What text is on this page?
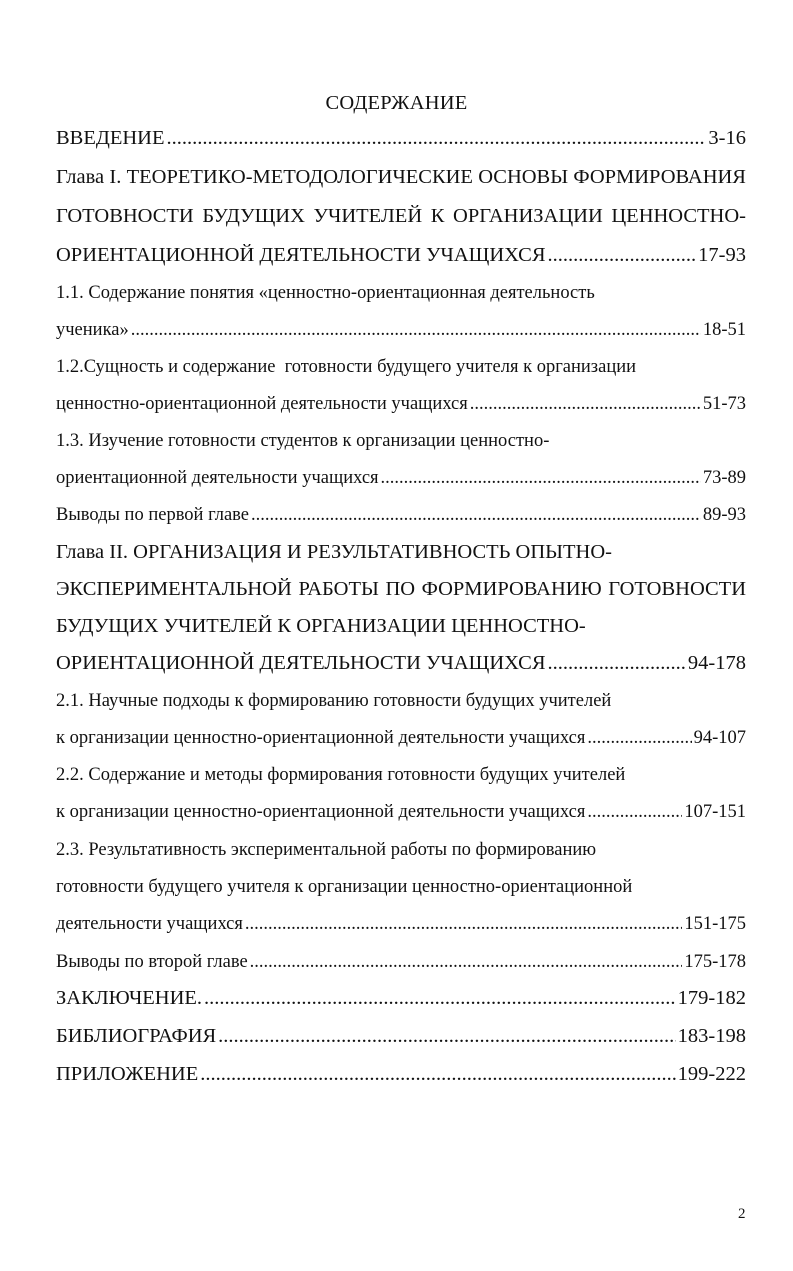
СОДЕРЖАНИЕ
ВВЕДЕНИЕ .....	3-16
Глава I. ТЕОРЕТИКО-МЕТОДОЛОГИЧЕСКИЕ ОСНОВЫ ФОРМИРОВАНИЯ
ГОТОВНОСТИ БУДУЩИХ УЧИТЕЛЕЙ К ОРГАНИЗАЦИИ ЦЕННОСТНО-
ОРИЕНТАЦИОННОЙ ДЕЯТЕЛЬНОСТИ УЧАЩИХСЯ .....	17-93
1.1. Содержание понятия «ценностно-ориентационная деятельность
ученика» .....	18-51
1.2.Сущность и содержание  готовности будущего учителя к организации
ценностно-ориентационной деятельности учащихся .....	51-73
1.3. Изучение готовности студентов к организации ценностно-
ориентационной деятельности учащихся .....	73-89
Выводы по первой главе .....	89-93
Глава II. ОРГАНИЗАЦИЯ И РЕЗУЛЬТАТИВНОСТЬ ОПЫТНО-
ЭКСПЕРИМЕНТАЛЬНОЙ РАБОТЫ ПО ФОРМИРОВАНИЮ ГОТОВНОСТИ
БУДУЩИХ УЧИТЕЛЕЙ К ОРГАНИЗАЦИИ ЦЕННОСТНО-
ОРИЕНТАЦИОННОЙ ДЕЯТЕЛЬНОСТИ УЧАЩИХСЯ .....	94-178
2.1. Научные подходы к формированию готовности будущих учителей
к организации ценностно-ориентационной деятельности учащихся .....	94-107
2.2. Содержание и методы формирования готовности будущих учителей
к организации ценностно-ориентационной деятельности учащихся .....	107-151
2.3. Результативность экспериментальной работы по формированию
готовности будущего учителя к организации ценностно-ориентационной
деятельности учащихся .....	151-175
Выводы по второй главе .....	175-178
ЗАКЛЮЧЕНИЕ. .....	179-182
БИБЛИОГРАФИЯ .....	183-198
ПРИЛОЖЕНИЕ .....	199-222
2
